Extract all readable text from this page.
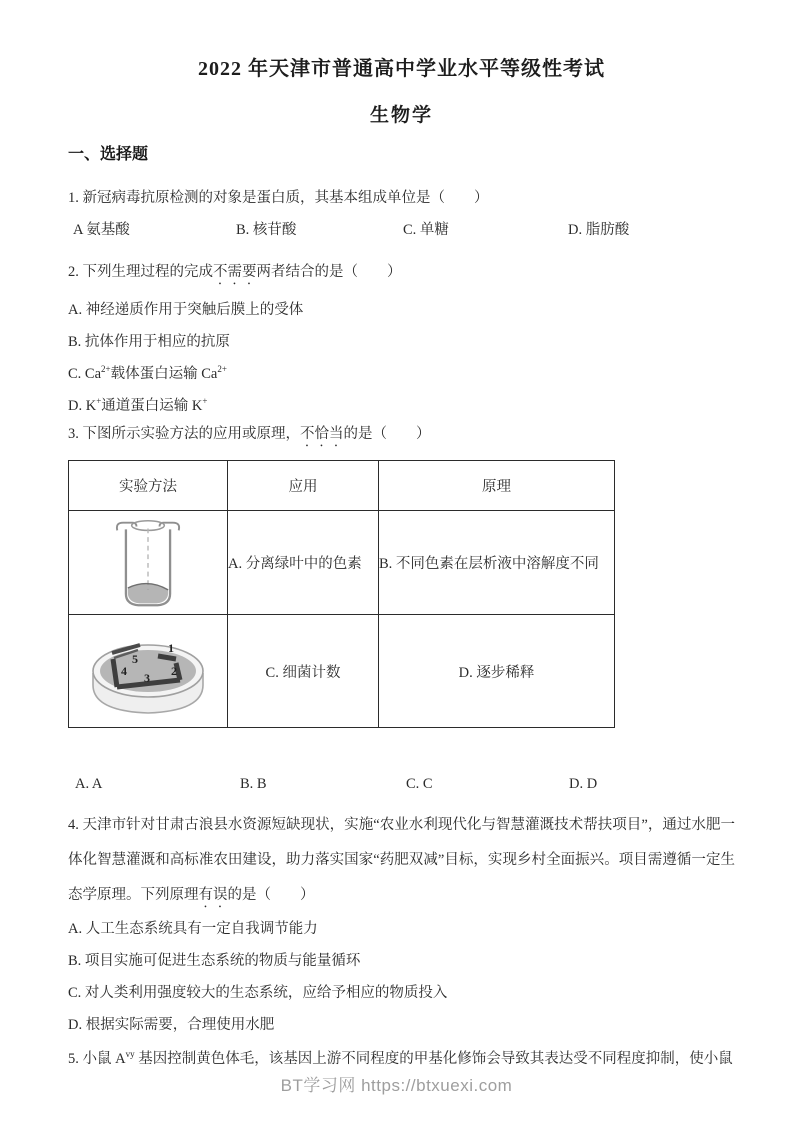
2022 年天津市普通高中学业水平等级性考试
生物学
一、选择题

1. 新冠病毒抗原检测的对象是蛋白质，其基本组成单位是（　　）

A 氨基酸	B. 核苷酸	C. 单糖	D. 脂肪酸

2. 下列生理过程的完成不需要两者结合的是（　　）

A. 神经递质作用于突触后膜上的受体

B. 抗体作用于相应的抗原

C. $Ca^{2+}$载体蛋白运输 $Ca^{2+}$

D. K+通道蛋白运输 K+

3. 下图所示实验方法的应用或原理，不恰当的是（　　）

实验方法	应用	原理
	A. 分离绿叶中的色素	B. 不同色素在层析液中溶解度不同

1
2
3
4
5	C. 细菌计数	D. 逐步稀释
A. A	B. B	C. C	D. D

4. 天津市针对甘肃古浪县水资源短缺现状，实施“农业水利现代化与智慧灌溉技术帮扶项目”，通过水肥一体化智慧灌溉和高标准农田建设，助力落实国家“药肥双减”目标，实现乡村全面振兴。项目需遵循一定生态学原理。下列原理有误的是（　　）

A. 人工生态系统具有一定自我调节能力

B. 项目实施可促进生态系统的物质与能量循环

C. 对人类利用强度较大的生态系统，应给予相应的物质投入

D. 根据实际需要，合理使用水肥

5. 小鼠 $A^{vy}$ 基因控制黄色体毛，该基因上游不同程度的甲基化修饰会导致其表达受不同程度抑制，使小鼠

BT学习网 https://btxuexi.com
